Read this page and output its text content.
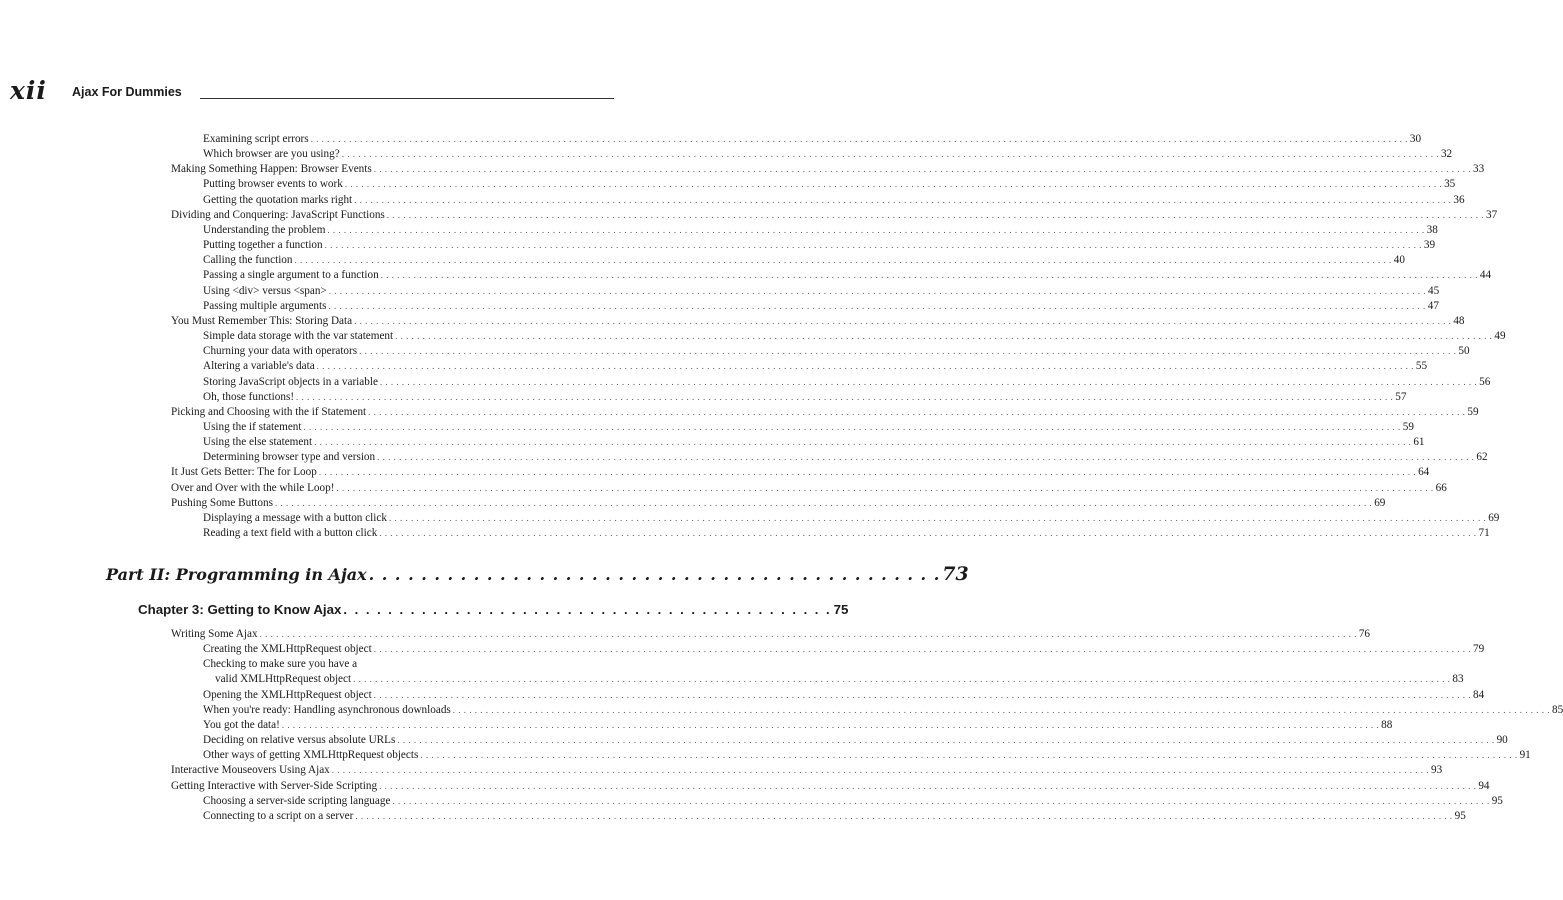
xii Ajax For Dummies
Examining script errors . . . . . . . . . . . . . . . . . . . . . . . . . . . . . . . . . . . . . . . . . . . . . . . . . . . . . . . . . . . . . . . . . . . . . . . . . . . . . . . . . . . . . . . . . . . . . . . . . . . . . . . . . . . . . . . . . . . . . . . . . . . . . . . . . . . . . . . . . . . . . . . . . . . . . . . . . . . . . . . . . . . . . . . . . . . . . . . . . . . . . . . . . . . . . . . . . . . . . . . . 30
Which browser are you using? . . . . . . . . . . . . . . . . . . . . . . . . . . . . . . . . . . . . . . . . . . . . . . . . . . . . . . . . . . . . . . . . . . . . . . . . . . . . . . . . . . . . . . . . . . . . . . . . . . . . . . . . . . . . . . . . . . . . . . . . . . . . . . . . . . . . . . . . . . . . . . . . . . . . . . . . . . . . . . . . . . . . . . . . . . . . . . . . . . . . . . . . . . . . . . . . . . . . . . . . 32
Making Something Happen: Browser Events . . . . . . . . . . . . . . . . . . . . . . . . . . . . . . . . . . . . . . . . . . . . . . . . . . . . . . . . . . . . . . . . . . . . . . . . . . . . . . . . . . . . . . . . . . . . . . . . . . . . . . . . . . . . . . . . . . . . . . . . . . . . . . . . . . . . . . . . . . . . . . . . . . . . . . . . . . . . . . . . . . . . . . . . . . . . . . . . . . . . . . . . . . . . . . . . . . . . . . . . 33
Putting browser events to work . . . . . . . . . . . . . . . . . . . . . . . . . . . . . . . . . . . . . . . . . . . . . . . . . . . . . . . . . . . . . . . . . . . . . . . . . . . . . . . . . . . . . . . . . . . . . . . . . . . . . . . . . . . . . . . . . . . . . . . . . . . . . . . . . . . . . . . . . . . . . . . . . . . . . . . . . . . . . . . . . . . . . . . . . . . . . . . . . . . . . . . . . . . . . . . . . . . . . . . . 35
Getting the quotation marks right . . . . . . . . . . . . . . . . . . . . . . . . . . . . . . . . . . . . . . . . . . . . . . . . . . . . . . . . . . . . . . . . . . . . . . . . . . . . . . . . . . . . . . . . . . . . . . . . . . . . . . . . . . . . . . . . . . . . . . . . . . . . . . . . . . . . . . . . . . . . . . . . . . . . . . . . . . . . . . . . . . . . . . . . . . . . . . . . . . . . . . . . . . . . . . . . . . . . . . . . 36
Dividing and Conquering: JavaScript Functions . . . . . . . . . . . . . . . . . . . . . . . . . . . . . . . . . . . . . . . . . . . . . . . . . . . . . . . . . . . . . . . . . . . . . . . . . . . . . . . . . . . . . . . . . . . . . . . . . . . . . . . . . . . . . . . . . . . . . . . . . . . . . . . . . . . . . . . . . . . . . . . . . . . . . . . . . . . . . . . . . . . . . . . . . . . . . . . . . . . . . . . . . . . . . . . . . . . . . . . . 37
Understanding the problem . . . . . . . . . . . . . . . . . . . . . . . . . . . . . . . . . . . . . . . . . . . . . . . . . . . . . . . . . . . . . . . . . . . . . . . . . . . . . . . . . . . . . . . . . . . . . . . . . . . . . . . . . . . . . . . . . . . . . . . . . . . . . . . . . . . . . . . . . . . . . . . . . . . . . . . . . . . . . . . . . . . . . . . . . . . . . . . . . . . . . . . . . . . . . . . . . . . . . . . . 38
Putting together a function . . . . . . . . . . . . . . . . . . . . . . . . . . . . . . . . . . . . . . . . . . . . . . . . . . . . . . . . . . . . . . . . . . . . . . . . . . . . . . . . . . . . . . . . . . . . . . . . . . . . . . . . . . . . . . . . . . . . . . . . . . . . . . . . . . . . . . . . . . . . . . . . . . . . . . . . . . . . . . . . . . . . . . . . . . . . . . . . . . . . . . . . . . . . . . . . . . . . . . . . 39
Calling the function . . . . . . . . . . . . . . . . . . . . . . . . . . . . . . . . . . . . . . . . . . . . . . . . . . . . . . . . . . . . . . . . . . . . . . . . . . . . . . . . . . . . . . . . . . . . . . . . . . . . . . . . . . . . . . . . . . . . . . . . . . . . . . . . . . . . . . . . . . . . . . . . . . . . . . . . . . . . . . . . . . . . . . . . . . . . . . . . . . . . . . . . . . . . . . . . . . . . . . . . 40
Passing a single argument to a function . . . . . . . . . . . . . . . . . . . . . . . . . . . . . . . . . . . . . . . . . . . . . . . . . . . . . . . . . . . . . . . . . . . . . . . . . . . . . . . . . . . . . . . . . . . . . . . . . . . . . . . . . . . . . . . . . . . . . . . . . . . . . . . . . . . . . . . . . . . . . . . . . . . . . . . . . . . . . . . . . . . . . . . . . . . . . . . . . . . . . . . . . . . . . . . . . . . . . . . . 44
Using <div> versus <span> . . . . . . . . . . . . . . . . . . . . . . . . . . . . . . . . . . . . . . . . . . . . . . . . . . . . . . . . . . . . . . . . . . . . . . . . . . . . . . . . . . . . . . . . . . . . . . . . . . . . . . . . . . . . . . . . . . . . . . . . . . . . . . . . . . . . . . . . . . . . . . . . . . . . . . . . . . . . . . . . . . . . . . . . . . . . . . . . . . . . . . . . . . . . . . . . . . . . . . . . 45
Passing multiple arguments . . . . . . . . . . . . . . . . . . . . . . . . . . . . . . . . . . . . . . . . . . . . . . . . . . . . . . . . . . . . . . . . . . . . . . . . . . . . . . . . . . . . . . . . . . . . . . . . . . . . . . . . . . . . . . . . . . . . . . . . . . . . . . . . . . . . . . . . . . . . . . . . . . . . . . . . . . . . . . . . . . . . . . . . . . . . . . . . . . . . . . . . . . . . . . . . . . . . . . . . 47
You Must Remember This: Storing Data . . . . . . . . . . . . . . . . . . . . . . . . . . . . . . . . . . . . . . . . . . . . . . . . . . . . . . . . . . . . . . . . . . . . . . . . . . . . . . . . . . . . . . . . . . . . . . . . . . . . . . . . . . . . . . . . . . . . . . . . . . . . . . . . . . . . . . . . . . . . . . . . . . . . . . . . . . . . . . . . . . . . . . . . . . . . . . . . . . . . . . . . . . . . . . . . . . . . . . . . 48
Simple data storage with the var statement . . . . . . . . . . . . . . . . . . . . . . . . . . . . . . . . . . . . . . . . . . . . . . . . . . . . . . . . . . . . . . . . . . . . . . . . . . . . . . . . . . . . . . . . . . . . . . . . . . . . . . . . . . . . . . . . . . . . . . . . . . . . . . . . . . . . . . . . . . . . . . . . . . . . . . . . . . . . . . . . . . . . . . . . . . . . . . . . . . . . . . . . . . . . . . . . . . . . . . . . 49
Churning your data with operators . . . . . . . . . . . . . . . . . . . . . . . . . . . . . . . . . . . . . . . . . . . . . . . . . . . . . . . . . . . . . . . . . . . . . . . . . . . . . . . . . . . . . . . . . . . . . . . . . . . . . . . . . . . . . . . . . . . . . . . . . . . . . . . . . . . . . . . . . . . . . . . . . . . . . . . . . . . . . . . . . . . . . . . . . . . . . . . . . . . . . . . . . . . . . . . . . . . . . . . . 50
Altering a variable's data . . . . . . . . . . . . . . . . . . . . . . . . . . . . . . . . . . . . . . . . . . . . . . . . . . . . . . . . . . . . . . . . . . . . . . . . . . . . . . . . . . . . . . . . . . . . . . . . . . . . . . . . . . . . . . . . . . . . . . . . . . . . . . . . . . . . . . . . . . . . . . . . . . . . . . . . . . . . . . . . . . . . . . . . . . . . . . . . . . . . . . . . . . . . . . . . . . . . . . . . 55
Storing JavaScript objects in a variable . . . . . . . . . . . . . . . . . . . . . . . . . . . . . . . . . . . . . . . . . . . . . . . . . . . . . . . . . . . . . . . . . . . . . . . . . . . . . . . . . . . . . . . . . . . . . . . . . . . . . . . . . . . . . . . . . . . . . . . . . . . . . . . . . . . . . . . . . . . . . . . . . . . . . . . . . . . . . . . . . . . . . . . . . . . . . . . . . . . . . . . . . . . . . . . . . . . . . . . . 56
Oh, those functions! . . . . . . . . . . . . . . . . . . . . . . . . . . . . . . . . . . . . . . . . . . . . . . . . . . . . . . . . . . . . . . . . . . . . . . . . . . . . . . . . . . . . . . . . . . . . . . . . . . . . . . . . . . . . . . . . . . . . . . . . . . . . . . . . . . . . . . . . . . . . . . . . . . . . . . . . . . . . . . . . . . . . . . . . . . . . . . . . . . . . . . . . . . . . . . . . . . . . . . . . 57
Picking and Choosing with the if Statement . . . . . . . . . . . . . . . . . . . . . . . . . . . . . . . . . . . . . . . . . . . . . . . . . . . . . . . . . . . . . . . . . . . . . . . . . . . . . . . . . . . . . . . . . . . . . . . . . . . . . . . . . . . . . . . . . . . . . . . . . . . . . . . . . . . . . . . . . . . . . . . . . . . . . . . . . . . . . . . . . . . . . . . . . . . . . . . . . . . . . . . . . . . . . . . . . . . . . . . . 59
Using the if statement . . . . . . . . . . . . . . . . . . . . . . . . . . . . . . . . . . . . . . . . . . . . . . . . . . . . . . . . . . . . . . . . . . . . . . . . . . . . . . . . . . . . . . . . . . . . . . . . . . . . . . . . . . . . . . . . . . . . . . . . . . . . . . . . . . . . . . . . . . . . . . . . . . . . . . . . . . . . . . . . . . . . . . . . . . . . . . . . . . . . . . . . . . . . . . . . . . . . . . . . 59
Using the else statement . . . . . . . . . . . . . . . . . . . . . . . . . . . . . . . . . . . . . . . . . . . . . . . . . . . . . . . . . . . . . . . . . . . . . . . . . . . . . . . . . . . . . . . . . . . . . . . . . . . . . . . . . . . . . . . . . . . . . . . . . . . . . . . . . . . . . . . . . . . . . . . . . . . . . . . . . . . . . . . . . . . . . . . . . . . . . . . . . . . . . . . . . . . . . . . . . . . . . . . . 61
Determining browser type and version . . . . . . . . . . . . . . . . . . . . . . . . . . . . . . . . . . . . . . . . . . . . . . . . . . . . . . . . . . . . . . . . . . . . . . . . . . . . . . . . . . . . . . . . . . . . . . . . . . . . . . . . . . . . . . . . . . . . . . . . . . . . . . . . . . . . . . . . . . . . . . . . . . . . . . . . . . . . . . . . . . . . . . . . . . . . . . . . . . . . . . . . . . . . . . . . . . . . . . . . 62
It Just Gets Better: The for Loop . . . . . . . . . . . . . . . . . . . . . . . . . . . . . . . . . . . . . . . . . . . . . . . . . . . . . . . . . . . . . . . . . . . . . . . . . . . . . . . . . . . . . . . . . . . . . . . . . . . . . . . . . . . . . . . . . . . . . . . . . . . . . . . . . . . . . . . . . . . . . . . . . . . . . . . . . . . . . . . . . . . . . . . . . . . . . . . . . . . . . . . . . . . . . . . . . . . . . . . . 64
Over and Over with the while Loop! . . . . . . . . . . . . . . . . . . . . . . . . . . . . . . . . . . . . . . . . . . . . . . . . . . . . . . . . . . . . . . . . . . . . . . . . . . . . . . . . . . . . . . . . . . . . . . . . . . . . . . . . . . . . . . . . . . . . . . . . . . . . . . . . . . . . . . . . . . . . . . . . . . . . . . . . . . . . . . . . . . . . . . . . . . . . . . . . . . . . . . . . . . . . . . . . . . . . . . . . 66
Pushing Some Buttons . . . . . . . . . . . . . . . . . . . . . . . . . . . . . . . . . . . . . . . . . . . . . . . . . . . . . . . . . . . . . . . . . . . . . . . . . . . . . . . . . . . . . . . . . . . . . . . . . . . . . . . . . . . . . . . . . . . . . . . . . . . . . . . . . . . . . . . . . . . . . . . . . . . . . . . . . . . . . . . . . . . . . . . . . . . . . . . . . . . . . . . . . . . . . . . . . . . . . . . . 69
Displaying a message with a button click . . . . . . . . . . . . . . . . . . . . . . . . . . . . . . . . . . . . . . . . . . . . . . . . . . . . . . . . . . . . . . . . . . . . . . . . . . . . . . . . . . . . . . . . . . . . . . . . . . . . . . . . . . . . . . . . . . . . . . . . . . . . . . . . . . . . . . . . . . . . . . . . . . . . . . . . . . . . . . . . . . . . . . . . . . . . . . . . . . . . . . . . . . . . . . . . . . . . . . . . 69
Reading a text field with a button click . . . . . . . . . . . . . . . . . . . . . . . . . . . . . . . . . . . . . . . . . . . . . . . . . . . . . . . . . . . . . . . . . . . . . . . . . . . . . . . . . . . . . . . . . . . . . . . . . . . . . . . . . . . . . . . . . . . . . . . . . . . . . . . . . . . . . . . . . . . . . . . . . . . . . . . . . . . . . . . . . . . . . . . . . . . . . . . . . . . . . . . . . . . . . . . . . . . . . . . . 71
Part II: Programming in Ajax . . . . . . . . . . . . . . . . . . . . . . . . . . . . . . . . . . . . . . . . . . . . 73
Chapter 3: Getting to Know Ajax . . . . . . . . . . . . . . . . . . . . . . . . . . . . . . . . . . . . . . . . . . . . 75
Writing Some Ajax . . . . . . . . . . . . . . . . . . . . . . . . . . . . . . . . . . . . . . . . . . . . . . . . . . . . . . . . . . . . . . . . . . . . . . . . . . . . . . . . . . . . . . . . . . . . . . . . . . . . . . . . . . . . . . . . . . . . . . . . . . . . . . . . . . . . . . . . . . . . . . . . . . . . . . . . . . . . . . . . . . . . . . . . . . . . . . . . . . . . . . . . . . . . . . . . . . . . . . . . 76
Creating the XMLHttpRequest object . . . . . . . . . . . . . . . . . . . . . . . . . . . . . . . . . . . . . . . . . . . . . . . . . . . . . . . . . . . . . . . . . . . . . . . . . . . . . . . . . . . . . . . . . . . . . . . . . . . . . . . . . . . . . . . . . . . . . . . . . . . . . . . . . . . . . . . . . . . . . . . . . . . . . . . . . . . . . . . . . . . . . . . . . . . . . . . . . . . . . . . . . . . . . . . . . . . . . . . . 79
Checking to make sure you have a
valid XMLHttpRequest object . . . . . . . . . . . . . . . . . . . . . . . . . . . . . . . . . . . . . . . . . . . . . . . . . . . . . . . . . . . . . . . . . . . . . . . . . . . . . . . . . . . . . . . . . . . . . . . . . . . . . . . . . . . . . . . . . . . . . . . . . . . . . . . . . . . . . . . . . . . . . . . . . . . . . . . . . . . . . . . . . . . . . . . . . . . . . . . . . . . . . . . . . . . . . . . . . . . . . . . . 83
Opening the XMLHttpRequest object . . . . . . . . . . . . . . . . . . . . . . . . . . . . . . . . . . . . . . . . . . . . . . . . . . . . . . . . . . . . . . . . . . . . . . . . . . . . . . . . . . . . . . . . . . . . . . . . . . . . . . . . . . . . . . . . . . . . . . . . . . . . . . . . . . . . . . . . . . . . . . . . . . . . . . . . . . . . . . . . . . . . . . . . . . . . . . . . . . . . . . . . . . . . . . . . . . . . . . . . 84
When you're ready: Handling asynchronous downloads . . . . . . . . . . . . . . . . . . . . . . . . . . . . . . . . . . . . . . . . . . . . . . . . . . . . . . . . . . . . . . . . . . . . . . . . . . . . . . . . . . . . . . . . . . . . . . . . . . . . . . . . . . . . . . . . . . . . . . . . . . . . . . . . . . . . . . . . . . . . . . . . . . . . . . . . . . . . . . . . . . . . . . . . . . . . . . . . . . . . . . . . . . . . . . . . . . . . . . . . 85
You got the data! . . . . . . . . . . . . . . . . . . . . . . . . . . . . . . . . . . . . . . . . . . . . . . . . . . . . . . . . . . . . . . . . . . . . . . . . . . . . . . . . . . . . . . . . . . . . . . . . . . . . . . . . . . . . . . . . . . . . . . . . . . . . . . . . . . . . . . . . . . . . . . . . . . . . . . . . . . . . . . . . . . . . . . . . . . . . . . . . . . . . . . . . . . . . . . . . . . . . . . . . 88
Deciding on relative versus absolute URLs . . . . . . . . . . . . . . . . . . . . . . . . . . . . . . . . . . . . . . . . . . . . . . . . . . . . . . . . . . . . . . . . . . . . . . . . . . . . . . . . . . . . . . . . . . . . . . . . . . . . . . . . . . . . . . . . . . . . . . . . . . . . . . . . . . . . . . . . . . . . . . . . . . . . . . . . . . . . . . . . . . . . . . . . . . . . . . . . . . . . . . . . . . . . . . . . . . . . . . . . 90
Other ways of getting XMLHttpRequest objects . . . . . . . . . . . . . . . . . . . . . . . . . . . . . . . . . . . . . . . . . . . . . . . . . . . . . . . . . . . . . . . . . . . . . . . . . . . . . . . . . . . . . . . . . . . . . . . . . . . . . . . . . . . . . . . . . . . . . . . . . . . . . . . . . . . . . . . . . . . . . . . . . . . . . . . . . . . . . . . . . . . . . . . . . . . . . . . . . . . . . . . . . . . . . . . . . . . . . . . . 91
Interactive Mouseovers Using Ajax . . . . . . . . . . . . . . . . . . . . . . . . . . . . . . . . . . . . . . . . . . . . . . . . . . . . . . . . . . . . . . . . . . . . . . . . . . . . . . . . . . . . . . . . . . . . . . . . . . . . . . . . . . . . . . . . . . . . . . . . . . . . . . . . . . . . . . . . . . . . . . . . . . . . . . . . . . . . . . . . . . . . . . . . . . . . . . . . . . . . . . . . . . . . . . . . . . . . . . . . 93
Getting Interactive with Server-Side Scripting . . . . . . . . . . . . . . . . . . . . . . . . . . . . . . . . . . . . . . . . . . . . . . . . . . . . . . . . . . . . . . . . . . . . . . . . . . . . . . . . . . . . . . . . . . . . . . . . . . . . . . . . . . . . . . . . . . . . . . . . . . . . . . . . . . . . . . . . . . . . . . . . . . . . . . . . . . . . . . . . . . . . . . . . . . . . . . . . . . . . . . . . . . . . . . . . . . . . . . . . 94
Choosing a server-side scripting language . . . . . . . . . . . . . . . . . . . . . . . . . . . . . . . . . . . . . . . . . . . . . . . . . . . . . . . . . . . . . . . . . . . . . . . . . . . . . . . . . . . . . . . . . . . . . . . . . . . . . . . . . . . . . . . . . . . . . . . . . . . . . . . . . . . . . . . . . . . . . . . . . . . . . . . . . . . . . . . . . . . . . . . . . . . . . . . . . . . . . . . . . . . . . . . . . . . . . . . . 95
Connecting to a script on a server . . . . . . . . . . . . . . . . . . . . . . . . . . . . . . . . . . . . . . . . . . . . . . . . . . . . . . . . . . . . . . . . . . . . . . . . . . . . . . . . . . . . . . . . . . . . . . . . . . . . . . . . . . . . . . . . . . . . . . . . . . . . . . . . . . . . . . . . . . . . . . . . . . . . . . . . . . . . . . . . . . . . . . . . . . . . . . . . . . . . . . . . . . . . . . . . . . . . . . . . 95
